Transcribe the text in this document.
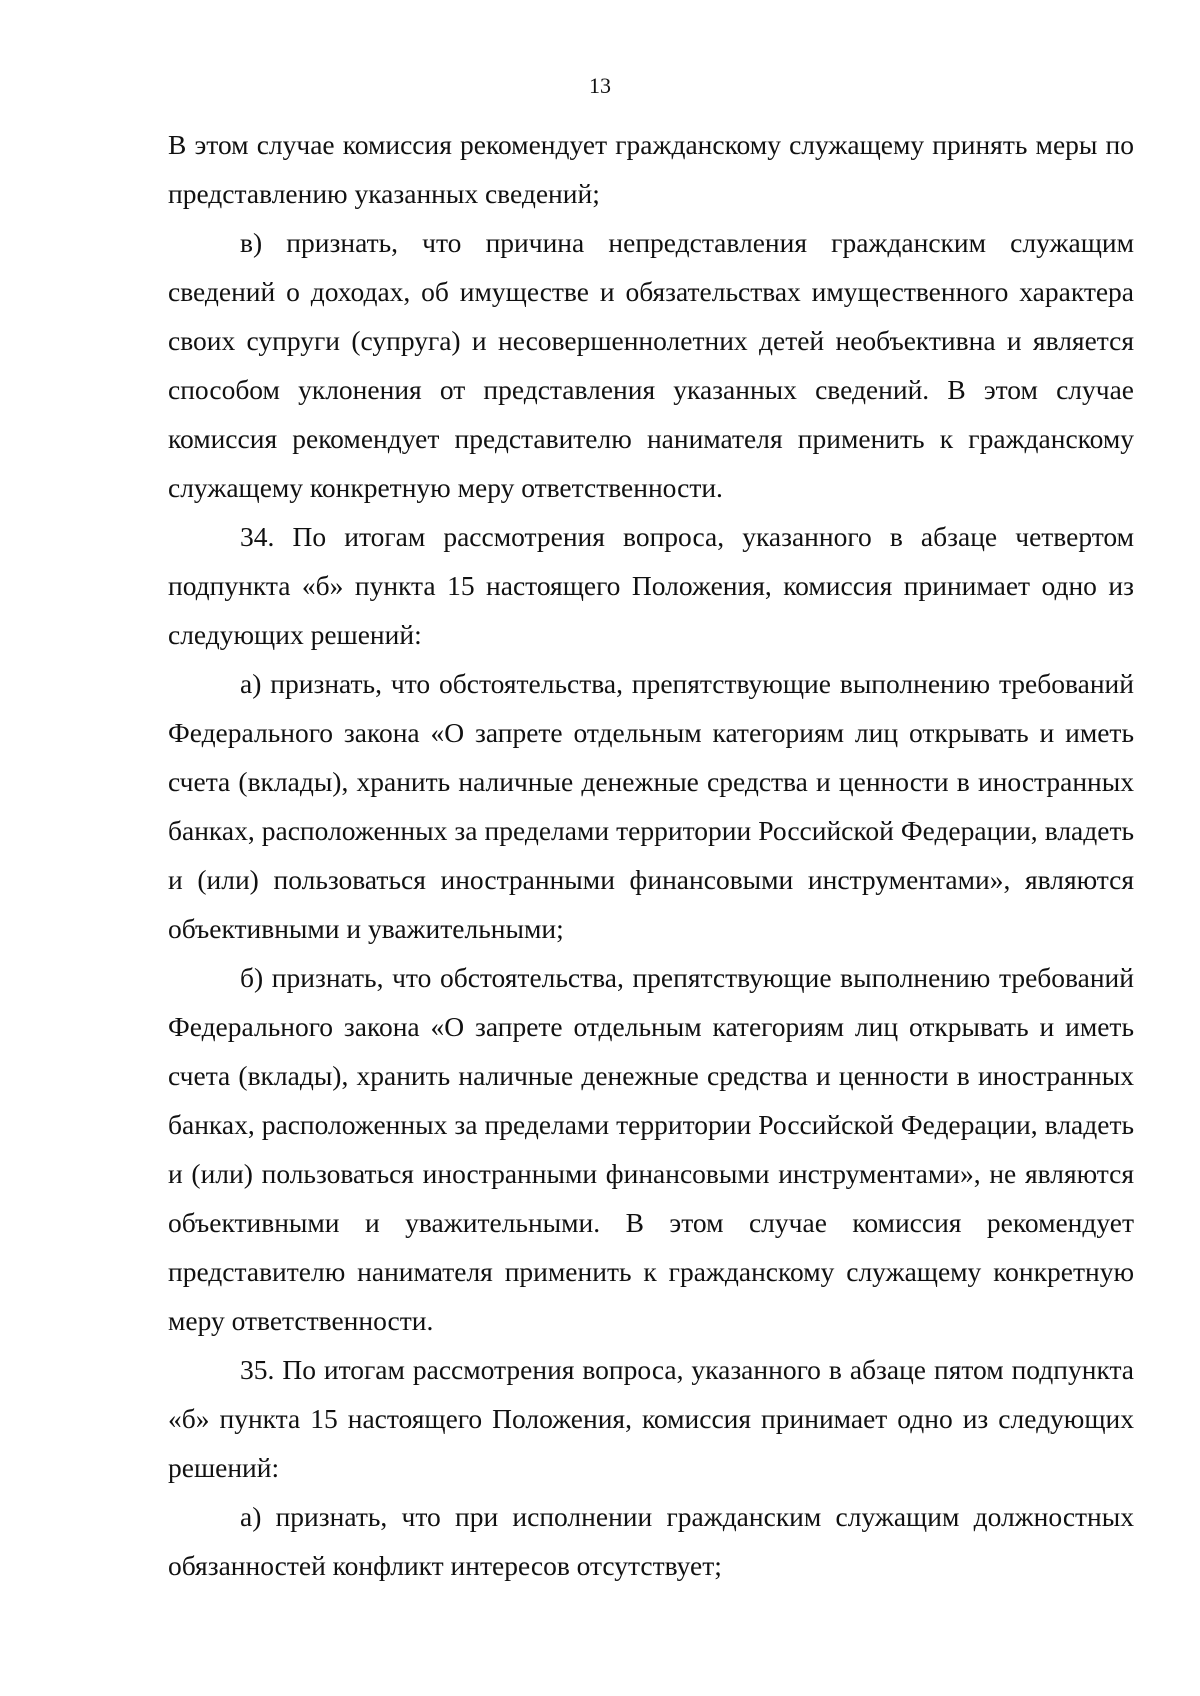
13

В этом случае комиссия рекомендует гражданскому служащему принять меры по представлению указанных сведений;

в) признать, что причина непредставления гражданским служащим сведений о доходах, об имуществе и обязательствах имущественного характера своих супруги (супруга) и несовершеннолетних детей необъективна и является способом уклонения от представления указанных сведений. В этом случае комиссия рекомендует представителю нанимателя применить к гражданскому служащему конкретную меру ответственности.

34. По итогам рассмотрения вопроса, указанного в абзаце четвертом подпункта «б» пункта 15 настоящего Положения, комиссия принимает одно из следующих решений:

а) признать, что обстоятельства, препятствующие выполнению требований Федерального закона «О запрете отдельным категориям лиц открывать и иметь счета (вклады), хранить наличные денежные средства и ценности в иностранных банках, расположенных за пределами территории Российской Федерации, владеть и (или) пользоваться иностранными финансовыми инструментами», являются объективными и уважительными;

б) признать, что обстоятельства, препятствующие выполнению требований Федерального закона «О запрете отдельным категориям лиц открывать и иметь счета (вклады), хранить наличные денежные средства и ценности в иностранных банках, расположенных за пределами территории Российской Федерации, владеть и (или) пользоваться иностранными финансовыми инструментами», не являются объективными и уважительными. В этом случае комиссия рекомендует представителю нанимателя применить к гражданскому служащему конкретную меру ответственности.

35. По итогам рассмотрения вопроса, указанного в абзаце пятом подпункта «б» пункта 15 настоящего Положения, комиссия принимает одно из следующих решений:

а) признать, что при исполнении гражданским служащим должностных обязанностей конфликт интересов отсутствует;
